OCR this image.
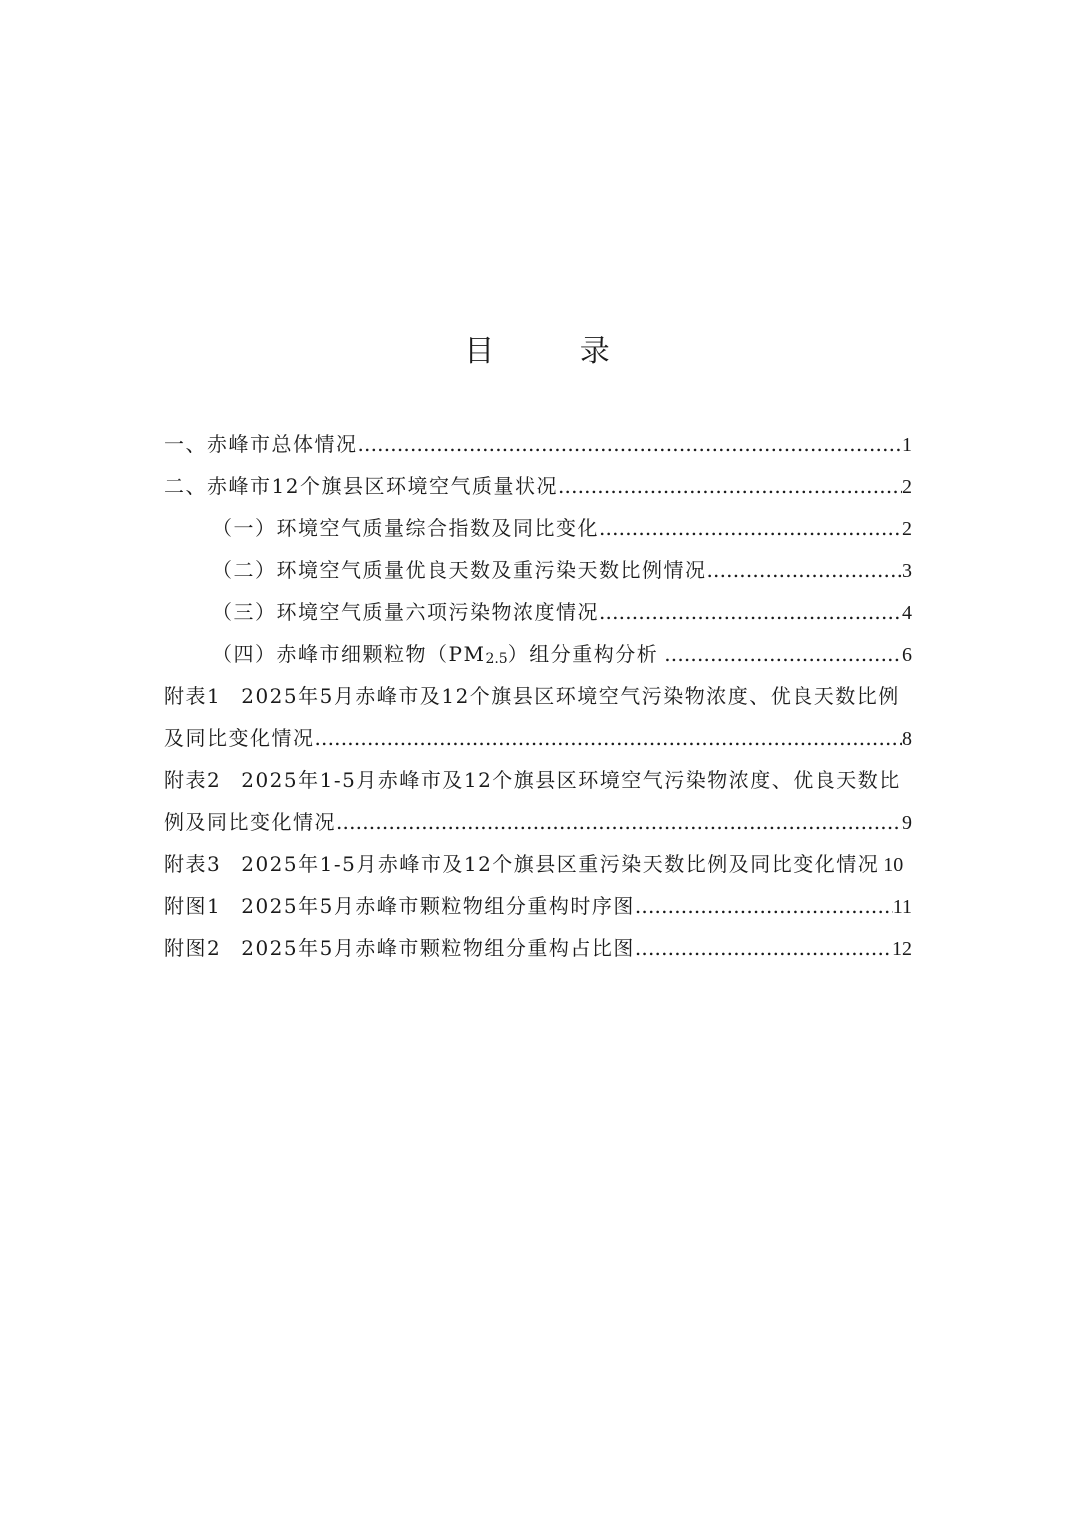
目 录
一、赤峰市总体情况 .....	1
二、赤峰市12个旗县区环境空气质量状况 .....	2
（一）环境空气质量综合指数及同比变化 .....	2
（二）环境空气质量优良天数及重污染天数比例情况 .....	3
（三）环境空气质量六项污染物浓度情况 .....	4
（四）赤峰市细颗粒物（PM2.5）组分重构分析 .....	6
附表1 2025年5月赤峰市及12个旗县区环境空气污染物浓度、优良天数比例
及同比变化情况 .....	8
附表2 2025年1-5月赤峰市及12个旗县区环境空气污染物浓度、优良天数比
例及同比变化情况 .....	9
附表3 2025年1-5月赤峰市及12个旗县区重污染天数比例及同比变化情况 10
附图1 2025年5月赤峰市颗粒物组分重构时序图 .....	11
附图2 2025年5月赤峰市颗粒物组分重构占比图 .....	12
